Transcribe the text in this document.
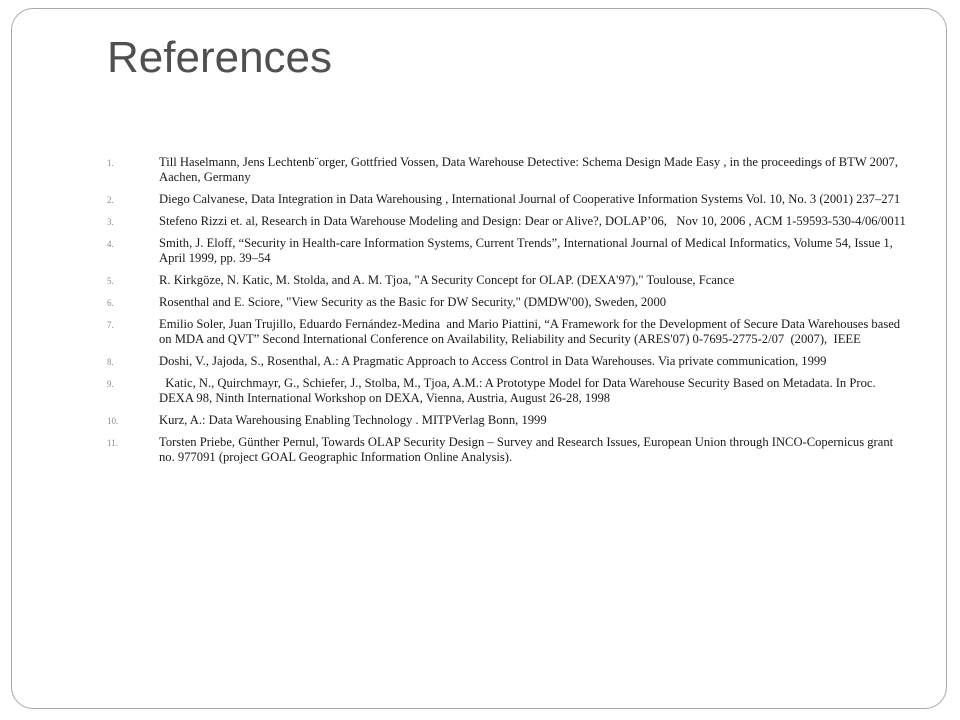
References
1.	Till Haselmann, Jens Lechtenb¨orger, Gottfried Vossen, Data Warehouse Detective: Schema Design Made Easy , in the proceedings of BTW 2007, Aachen, Germany
2.	Diego Calvanese, Data Integration in Data Warehousing , International Journal of Cooperative Information Systems Vol. 10, No. 3 (2001) 237–271
3.	Stefeno Rizzi et. al, Research in Data Warehouse Modeling and Design: Dear or Alive?, DOLAP’06,   Nov 10, 2006 , ACM 1-59593-530-4/06/0011
4.	Smith, J. Eloff, “Security in Health-care Information Systems, Current Trends”, International Journal of Medical Informatics, Volume 54, Issue 1, April 1999, pp. 39–54
5.	R. Kirkgöze, N. Katic, M. Stolda, and A. M. Tjoa, "A Security Concept for OLAP. (DEXA'97)," Toulouse, Fcance
6.	Rosenthal and E. Sciore, "View Security as the Basic for DW Security," (DMDW'00), Sweden, 2000
7.	Emilio Soler, Juan Trujillo, Eduardo Fernández-Medina  and Mario Piattini, “A Framework for the Development of Secure Data Warehouses based on MDA and QVT” Second International Conference on Availability, Reliability and Security (ARES'07) 0-7695-2775-2/07  (2007),  IEEE
8.	Doshi, V., Jajoda, S., Rosenthal, A.: A Pragmatic Approach to Access Control in Data Warehouses. Via private communication, 1999
9.	Katic, N., Quirchmayr, G., Schiefer, J., Stolba, M., Tjoa, A.M.: A Prototype Model for Data Warehouse Security Based on Metadata. In Proc. DEXA 98, Ninth International Workshop on DEXA, Vienna, Austria, August 26-28, 1998
10.	Kurz, A.: Data Warehousing Enabling Technology . MITPVerlag Bonn, 1999
11.	Torsten Priebe, Günther Pernul, Towards OLAP Security Design – Survey and Research Issues, European Union through INCO-Copernicus grant no. 977091 (project GOAL Geographic Information Online Analysis).
